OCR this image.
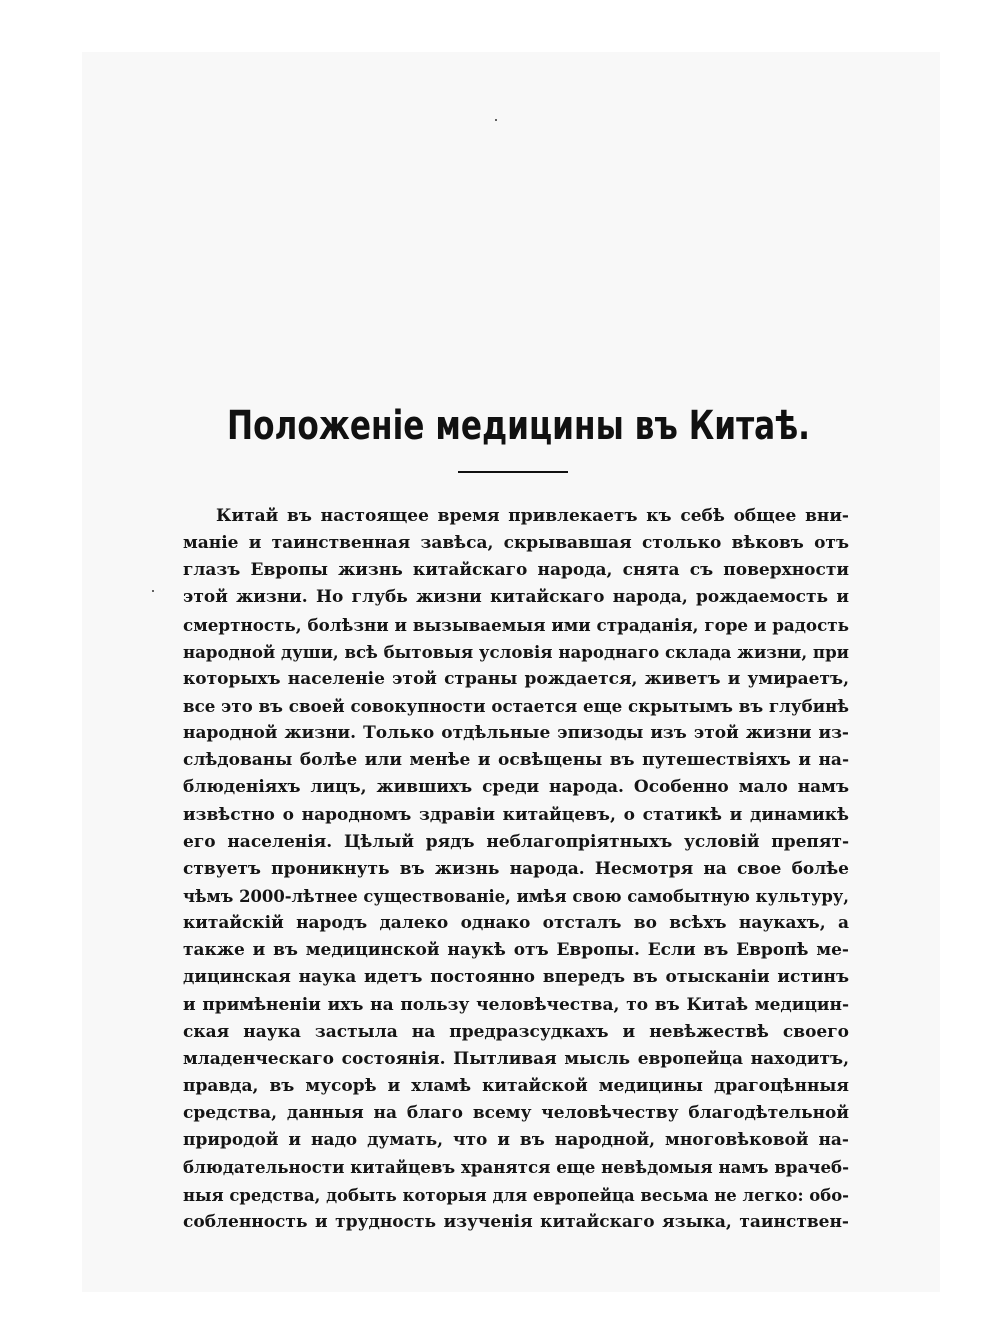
Положенiе медицины въ Китаѣ.
Китай въ настоящее время привлекаетъ къ себѣ общее вни-
манiе и таинственная завѣса, скрывавшая столько вѣковъ отъ
глазъ Европы жизнь китайскаго народа, снята съ поверхности
этой жизни. Но глубь жизни китайскаго народа, рождаемость и
смертность, болѣзни и вызываемыя ими страданiя, горе и радость
народной души, всѣ бытовыя условiя народнаго склада жизни, при
которыхъ населенiе этой страны рождается, живетъ и умираетъ,
все это въ своей совокупности остается еще скрытымъ въ глубинѣ
народной жизни. Только отдѣльные эпизоды изъ этой жизни из-
слѣдованы болѣе или менѣе и освѣщены въ путешествiяхъ и на-
блюденiяхъ лицъ, жившихъ среди народа. Особенно мало намъ
извѣстно о народномъ здравiи китайцевъ, о статикѣ и динамикѣ
его населенiя. Цѣлый рядъ неблагопрiятныхъ условiй препят-
ствуетъ проникнуть въ жизнь народа. Несмотря на свое болѣе
чѣмъ 2000-лѣтнее существованiе, имѣя свою самобытную культуру,
китайскiй народъ далеко однако отсталъ во всѣхъ наукахъ, а
также и въ медицинской наукѣ отъ Европы. Если въ Европѣ ме-
дицинская наука идетъ постоянно впередъ въ отысканiи истинъ
и примѣненiи ихъ на пользу человѣчества, то въ Китаѣ медицин-
ская наука застыла на предразсудкахъ и невѣжествѣ своего
младенческаго состоянiя. Пытливая мысль европейца находитъ,
правда, въ мусорѣ и хламѣ китайской медицины драгоцѣнныя
средства, данныя на благо всему человѣчеству благодѣтельной
природой и надо думать, что и въ народной, многовѣковой на-
блюдательности китайцевъ хранятся еще невѣдомыя намъ врачеб-
ныя средства, добыть которыя для европейца весьма не легко: обо-
собленность и трудность изученiя китайскаго языка, таинствен-
